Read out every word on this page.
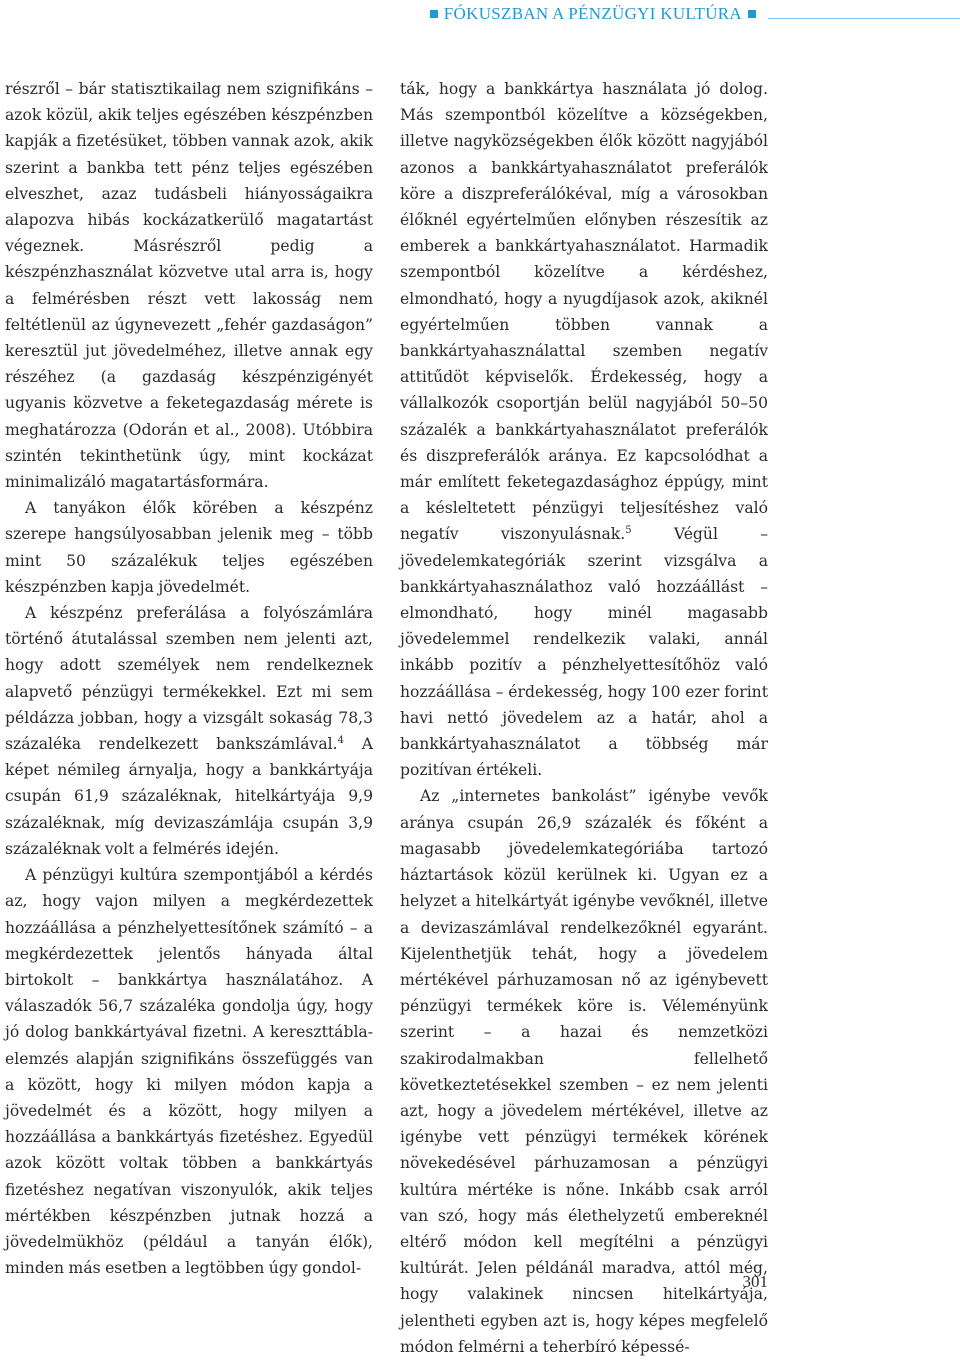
FÓKUSZBAN A PÉNZÜGYI KULTÚRA

részről – bár statisztikailag nem szignifikáns – azok közül, akik teljes egészében készpénzben kapják a fizetésüket, többen vannak azok, akik szerint a bankba tett pénz teljes egészében elveszhet, azaz tudásbeli hiányosságaikra alapozva hibás kockázatkerülő magatartást végeznek. Másrészről pedig a készpénzhasználat közvetve utal arra is, hogy a felmérésben részt vett lakosság nem feltétlenül az úgynevezett „fehér gazdaságon” keresztül jut jövedelméhez, illetve annak egy részéhez (a gazdaság készpénzigényét ugyanis közvetve a feketegazdaság mérete is meghatározza (Odorán et al., 2008). Utóbbira szintén tekinthetünk úgy, mint kockázat minimalizáló magatartásformára.

A tanyákon élők körében a készpénz szerepe hangsúlyosabban jelenik meg – több mint 50 százalékuk teljes egészében készpénzben kapja jövedelmét.

A készpénz preferálása a folyószámlára történő átutalással szemben nem jelenti azt, hogy adott személyek nem rendelkeznek alapvető pénzügyi termékekkel. Ezt mi sem példázza jobban, hogy a vizsgált sokaság 78,3 százaléka rendelkezett bankszámlával.$^4$ A képet némileg árnyalja, hogy a bankkártyája csupán 61,9 százaléknak, hitelkártyája 9,9 százaléknak, míg devizaszámlája csupán 3,9 százaléknak volt a felmérés idején.

A pénzügyi kultúra szempontjából a kérdés az, hogy vajon milyen a megkérdezettek hozzáállása a pénzhelyettesítőnek számító – a megkérdezettek jelentős hányada által birtokolt – bankkártya használatához. A válaszadók 56,7 százaléka gondolja úgy, hogy jó dolog bankkártyával fizetni. A kereszttábla-elemzés alapján szignifikáns összefüggés van a között, hogy ki milyen módon kapja a jövedelmét és a között, hogy milyen a hozzáállása a bankkártyás fizetéshez. Egyedül azok között voltak többen a bankkártyás fizetéshez negatívan viszonyulók, akik teljes mértékben készpénzben jutnak hozzá a jövedelmükhöz (például a tanyán élők), minden más esetben a legtöbben úgy gondol-

ták, hogy a bankkártya használata jó dolog. Más szempontból közelítve a községekben, illetve nagyközségekben élők között nagyjából azonos a bankkártyahasználatot preferálók köre a diszpreferálókéval, míg a városokban élőknél egyértelműen előnyben részesítik az emberek a bankkártyahasználatot. Harmadik szempontból közelítve a kérdéshez, elmondható, hogy a nyugdíjasok azok, akiknél egyértelműen többen vannak a bankkártyahasználattal szemben negatív attitűdöt képviselők. Érdekesség, hogy a vállalkozók csoportján belül nagyjából 50–50 százalék a bankkártyahasználatot preferálók és diszpreferálók aránya. Ez kapcsolódhat a már említett feketegazdasághoz éppúgy, mint a késleltetett pénzügyi teljesítéshez való negatív viszonyulásnak.$^5$ Végül – jövedelemkategóriák szerint vizsgálva a bankkártyahasználathoz való hozzáállást – elmondható, hogy minél magasabb jövedelemmel rendelkezik valaki, annál inkább pozitív a pénzhelyettesítőhöz való hozzáállása – érdekesség, hogy 100 ezer forint havi nettó jövedelem az a határ, ahol a bankkártyahasználatot a többség már pozitívan értékeli.

Az „internetes bankolást” igénybe vevők aránya csupán 26,9 százalék és főként a magasabb jövedelemkategóriába tartozó háztartások közül kerülnek ki. Ugyan ez a helyzet a hitelkártyát igénybe vevőknél, illetve a devizaszámlával rendelkezőknél egyaránt. Kijelenthetjük tehát, hogy a jövedelem mértékével párhuzamosan nő az igénybevett pénzügyi termékek köre is. Véleményünk szerint – a hazai és nemzetközi szakirodalmakban fellelhető következtetésekkel szemben – ez nem jelenti azt, hogy a jövedelem mértékével, illetve az igénybe vett pénzügyi termékek körének növekedésével párhuzamosan a pénzügyi kultúra mértéke is nőne. Inkább csak arról van szó, hogy más élethelyzetű embereknél eltérő módon kell megítélni a pénzügyi kultúrát. Jelen példánál maradva, attól még, hogy valakinek nincsen hitelkártyája, jelentheti egyben azt is, hogy képes megfelelő módon felmérni a teherbíró képessé-

301
